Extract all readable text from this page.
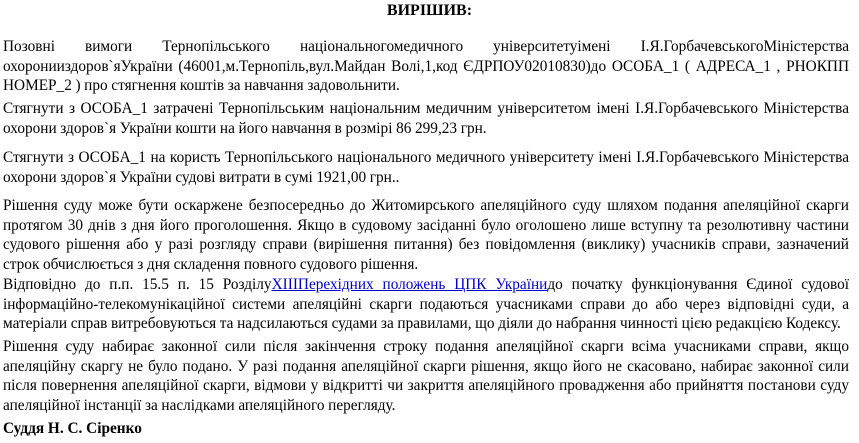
ВИРІШИВ:

Позовні вимоги Тернопільського національногомедичного університетуімені І.Я.ГорбачевськогоМіністерства охоронииздоров`яУкраїни (46001,м.Тернопіль,вул.Майдан Волі,1,код ЄДРПОУ02010830)до ОСОБА_1 ( АДРЕСА_1 , РНОКПП НОМЕР_2 ) про стягнення коштів за навчання задовольнити.

Стягнути з ОСОБА_1 затрачені Тернопільським національним медичним університетом імені І.Я.Горбачевського Міністерства охорони здоров`я України кошти на його навчання в розмірі 86 299,23 грн.

Стягнути з ОСОБА_1 на користь Тернопільського національного медичного університету імені І.Я.Горбачевського Міністерства охорони здоров`я України судові витрати в сумі 1921,00 грн..

Рішення суду може бути оскаржене безпосередньо до Житомирського апеляційного суду шляхом подання апеляційної скарги протягом 30 днів з дня його проголошення. Якщо в судовому засіданні було оголошено лише вступну та резолютивну частини судового рішення або у разі розгляду справи (вирішення питання) без повідомлення (виклику) учасників справи, зазначений строк обчислюється з дня складення повного судового рішення.

Відповідно до п.п. 15.5 п. 15 РозділуXIIIПерехідних положень ЦПК Українидо початку функціонування Єдиної судової інформаційно-телекомунікаційної системи апеляційні скарги подаються учасниками справи до або через відповідні суди, а матеріали справ витребовуються та надсилаються судами за правилами, що діяли до набрання чинності цією редакцією Кодексу.

Рішення суду набирає законної сили після закінчення строку подання апеляційної скарги всіма учасниками справи, якщо апеляційну скаргу не було подано. У разі подання апеляційної скарги рішення, якщо його не скасовано, набирає законної сили після повернення апеляційної скарги, відмови у відкритті чи закриття апеляційного провадження або прийняття постанови суду апеляційної інстанції за наслідками апеляційного перегляду.

Суддя Н. С. Сіренко
